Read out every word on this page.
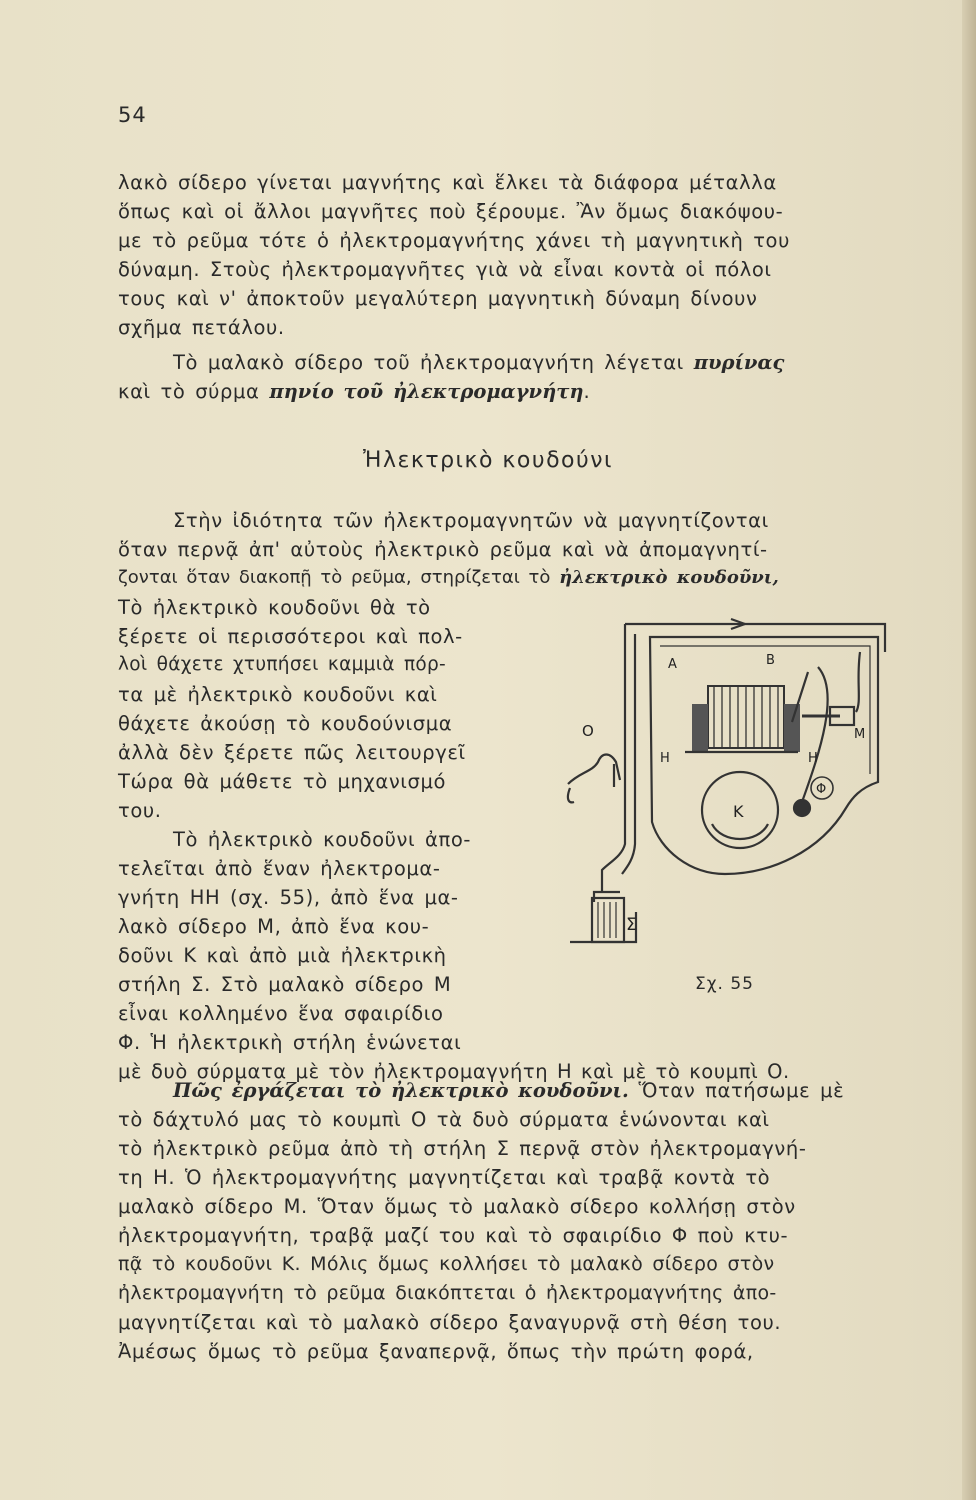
54
λακὸ σίδερο γίνεται μαγνήτης καὶ ἕλκει τὰ διάφορα μέταλλα
ὅπως καὶ οἱ ἄλλοι μαγνῆτες ποὺ ξέρουμε. Ἂν ὅμως διακόψου-
με τὸ ρεῦμα τότε ὁ ἠλεκτρομαγνήτης χάνει τὴ μαγνητικὴ του
δύναμη. Στοὺς ἠλεκτρομαγνῆτες γιὰ νὰ εἶναι κοντὰ οἱ πόλοι
τους καὶ ν' ἀποκτοῦν μεγαλύτερη μαγνητικὴ δύναμη δίνουν
σχῆμα πετάλου.
Τὸ μαλακὸ σίδερο τοῦ ἠλεκτρομαγνήτη λέγεται πυρίνας
καὶ τὸ σύρμα πηνίο τοῦ ἠλεκτρομαγνήτη.
Ἠλεκτρικὸ κουδούνι
Στὴν ἰδιότητα τῶν ἠλεκτρομαγνητῶν νὰ μαγνητίζονται
ὅταν περνᾷ ἀπ' αὐτοὺς ἠλεκτρικὸ ρεῦμα καὶ νὰ ἀπομαγνητί-
ζονται ὅταν διακοπῇ τὸ ρεῦμα, στηρίζεται τὸ ἠλεκτρικὸ κουδοῦνι,
Τὸ ἠλεκτρικὸ κουδοῦνι θὰ τὸ
ξέρετε οἱ περισσότεροι καὶ πολ-
λοὶ θάχετε χτυπήσει καμμιὰ πόρ-
τα μὲ ἠλεκτρικὸ κουδοῦνι καὶ
θάχετε ἀκούσῃ τὸ κουδούνισμα
ἀλλὰ δὲν ξέρετε πῶς λειτουργεῖ
Τώρα θὰ μάθετε τὸ μηχανισμό
του.
Τὸ ἠλεκτρικὸ κουδοῦνι ἀπο-
τελεῖται ἀπὸ ἕναν ἠλεκτρομα-
γνήτη ΗΗ (σχ. 55), ἀπὸ ἕνα μα-
λακὸ σίδερο Μ, ἀπὸ ἕνα κου-
δοῦνι Κ καὶ ἀπὸ μιὰ ἠλεκτρικὴ
στήλη Σ. Στὸ μαλακὸ σίδερο Μ
εἶναι κολλημένο ἕνα σφαιρίδιο
Φ. Ἡ ἠλεκτρικὴ στήλη ἑνώνεται
μὲ δυὸ σύρματα μὲ τὸν ἠλεκτρομαγνήτη Η καὶ μὲ τὸ κουμπὶ Ο.
Α	Β
Η	Η
Μ
Κ
Φ
Ο
Σ
Σχ. 55
Πῶς ἐργάζεται τὸ ἠλεκτρικὸ κουδοῦνι. Ὅταν πατήσωμε μὲ
τὸ δάχτυλό μας τὸ κουμπὶ Ο τὰ δυὸ σύρματα ἑνώνονται καὶ
τὸ ἠλεκτρικὸ ρεῦμα ἀπὸ τὴ στήλη Σ περνᾷ στὸν ἠλεκτρομαγνή-
τη Η. Ὁ ἠλεκτρομαγνήτης μαγνητίζεται καὶ τραβᾷ κοντὰ τὸ
μαλακὸ σίδερο Μ. Ὅταν ὅμως τὸ μαλακὸ σίδερο κολλήσῃ στὸν
ἠλεκτρομαγνήτη, τραβᾷ μαζί του καὶ τὸ σφαιρίδιο Φ ποὺ κτυ-
πᾷ τὸ κουδοῦνι Κ. Μόλις ὅμως κολλήσει τὸ μαλακὸ σίδερο στὸν
ἠλεκτρομαγνήτη τὸ ρεῦμα διακόπτεται ὁ ἠλεκτρομαγνήτης ἀπο-
μαγνητίζεται καὶ τὸ μαλακὸ σίδερο ξαναγυρνᾷ στὴ θέση του.
Ἀμέσως ὅμως τὸ ρεῦμα ξαναπερνᾷ, ὅπως τὴν πρώτη φορά,
